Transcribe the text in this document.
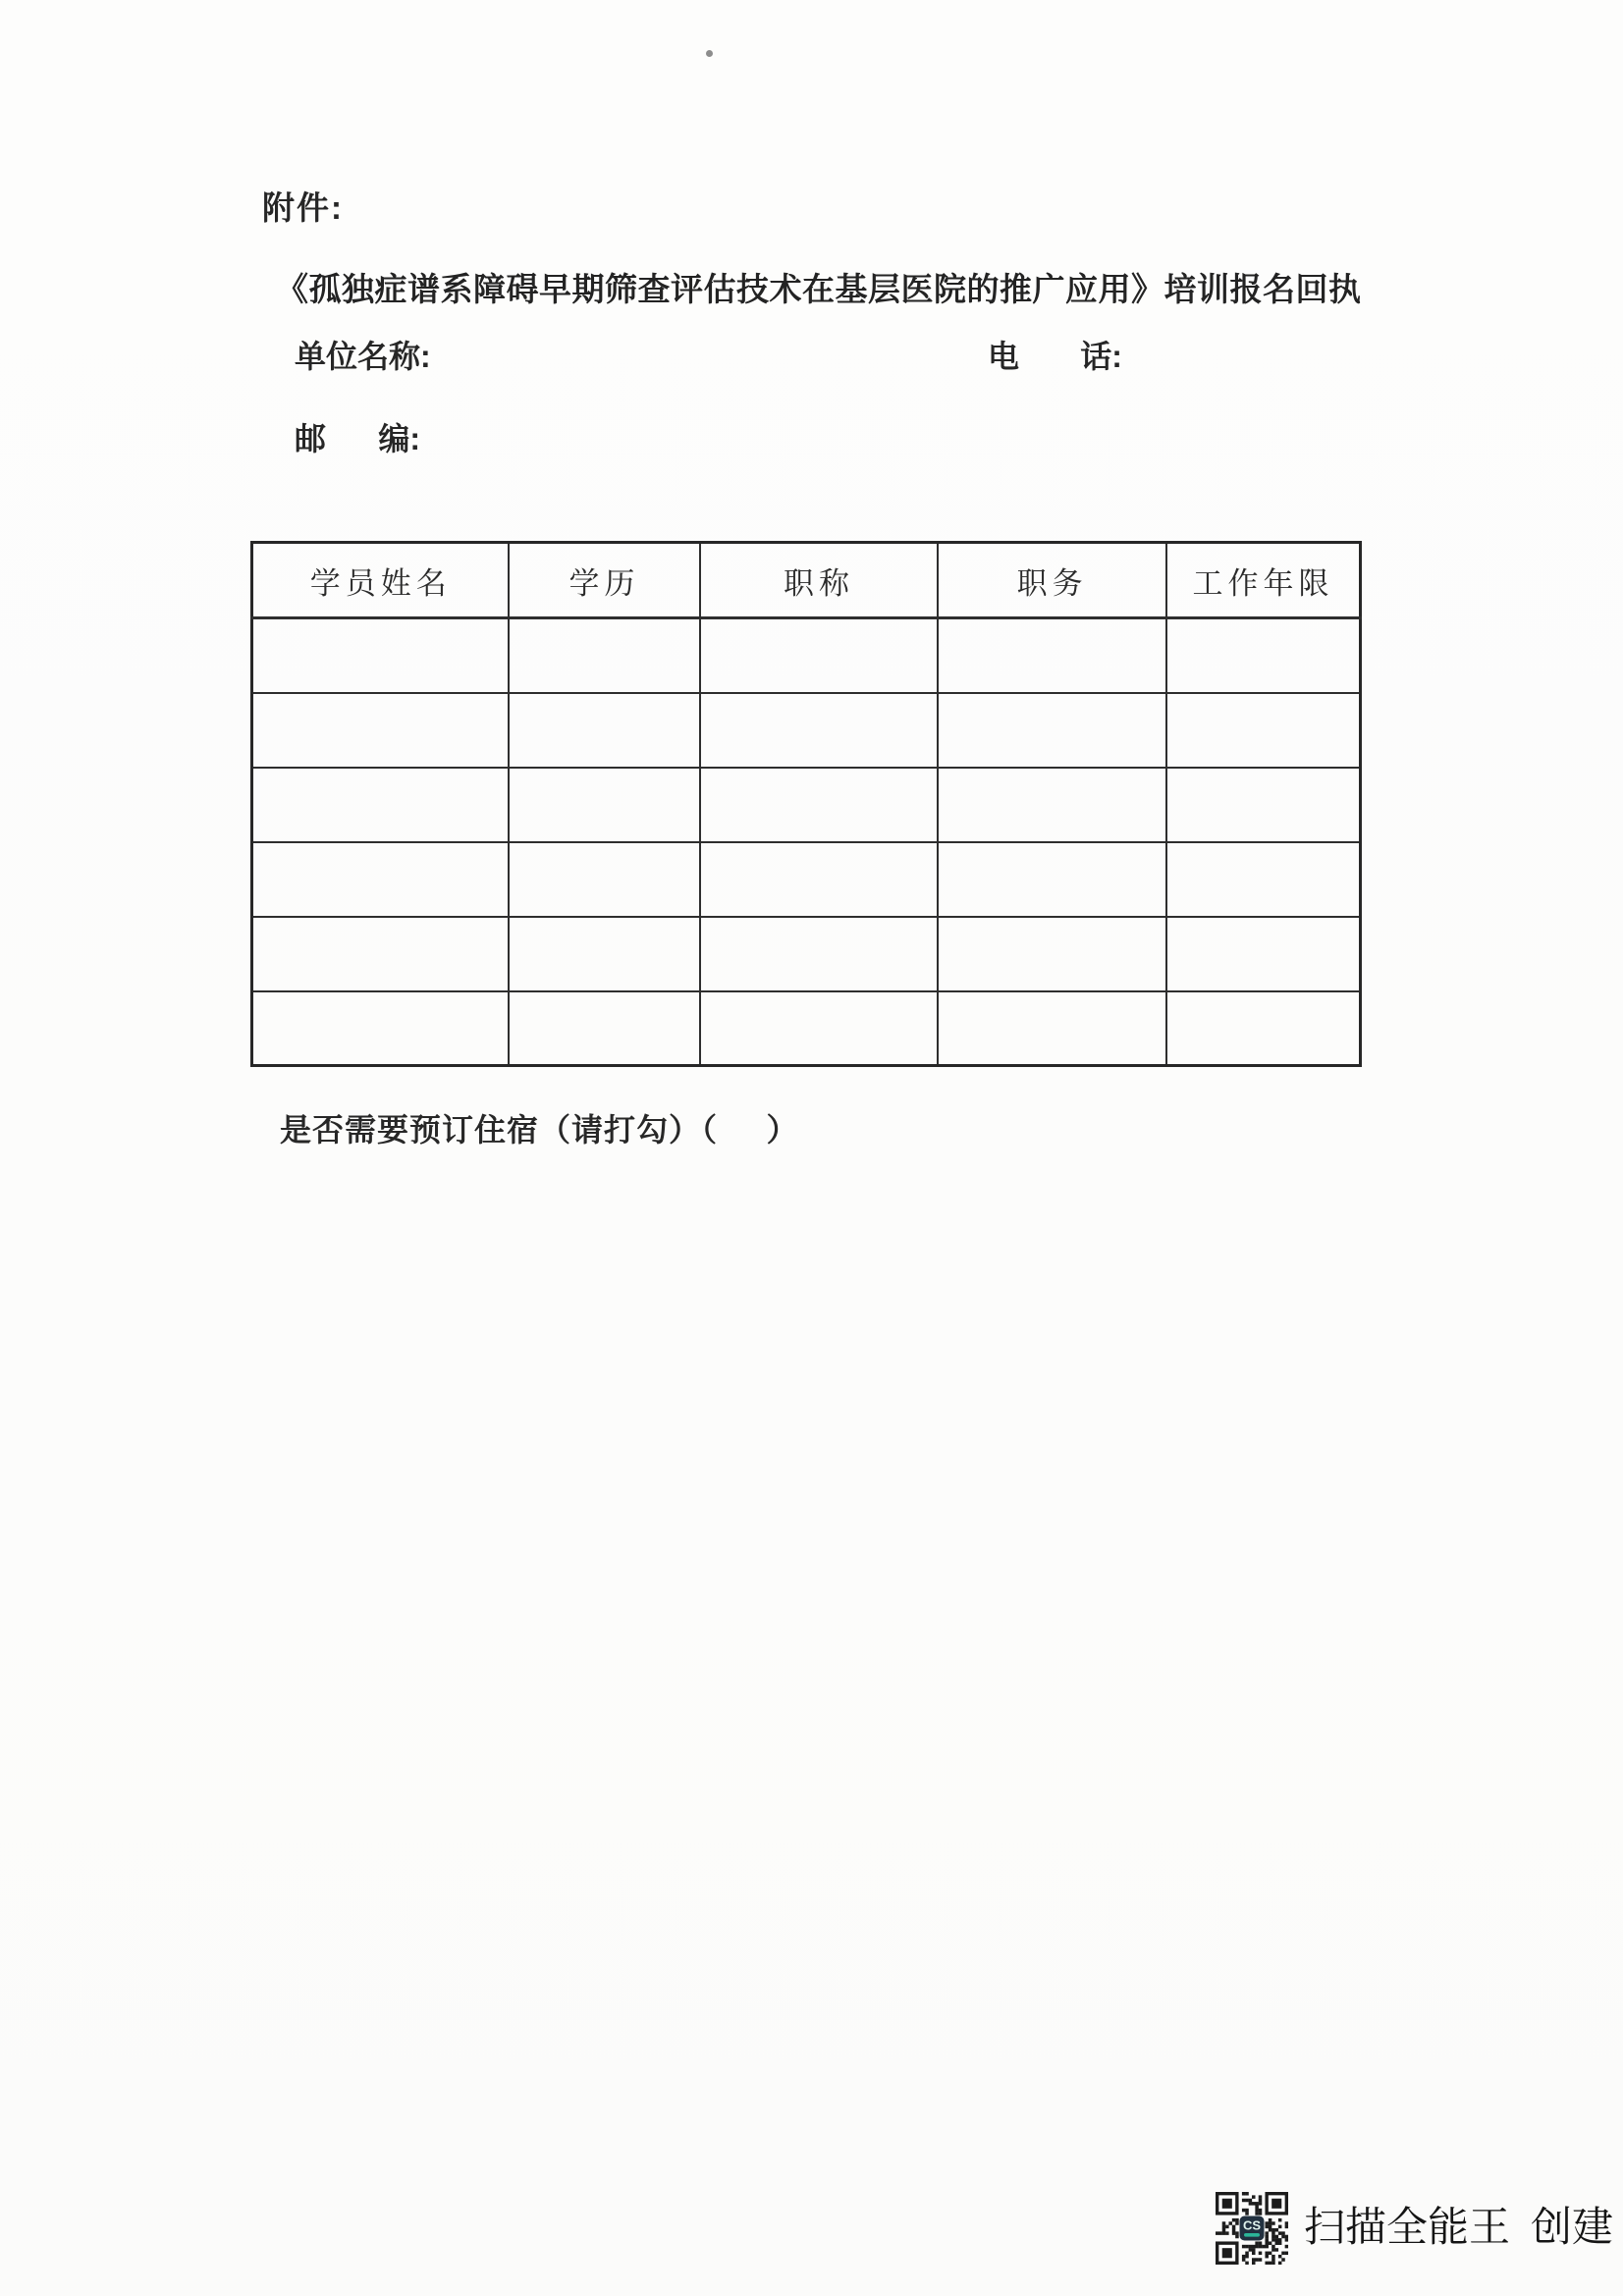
附件:
《孤独症谱系障碍早期筛查评估技术在基层医院的推广应用》培训报名回执
单位名称:	电       话:
邮      编:
学员姓名	学历	职称	职务	工作年限

是否需要预订住宿（请打勾）（     ）
CS 扫描全能王  创建
